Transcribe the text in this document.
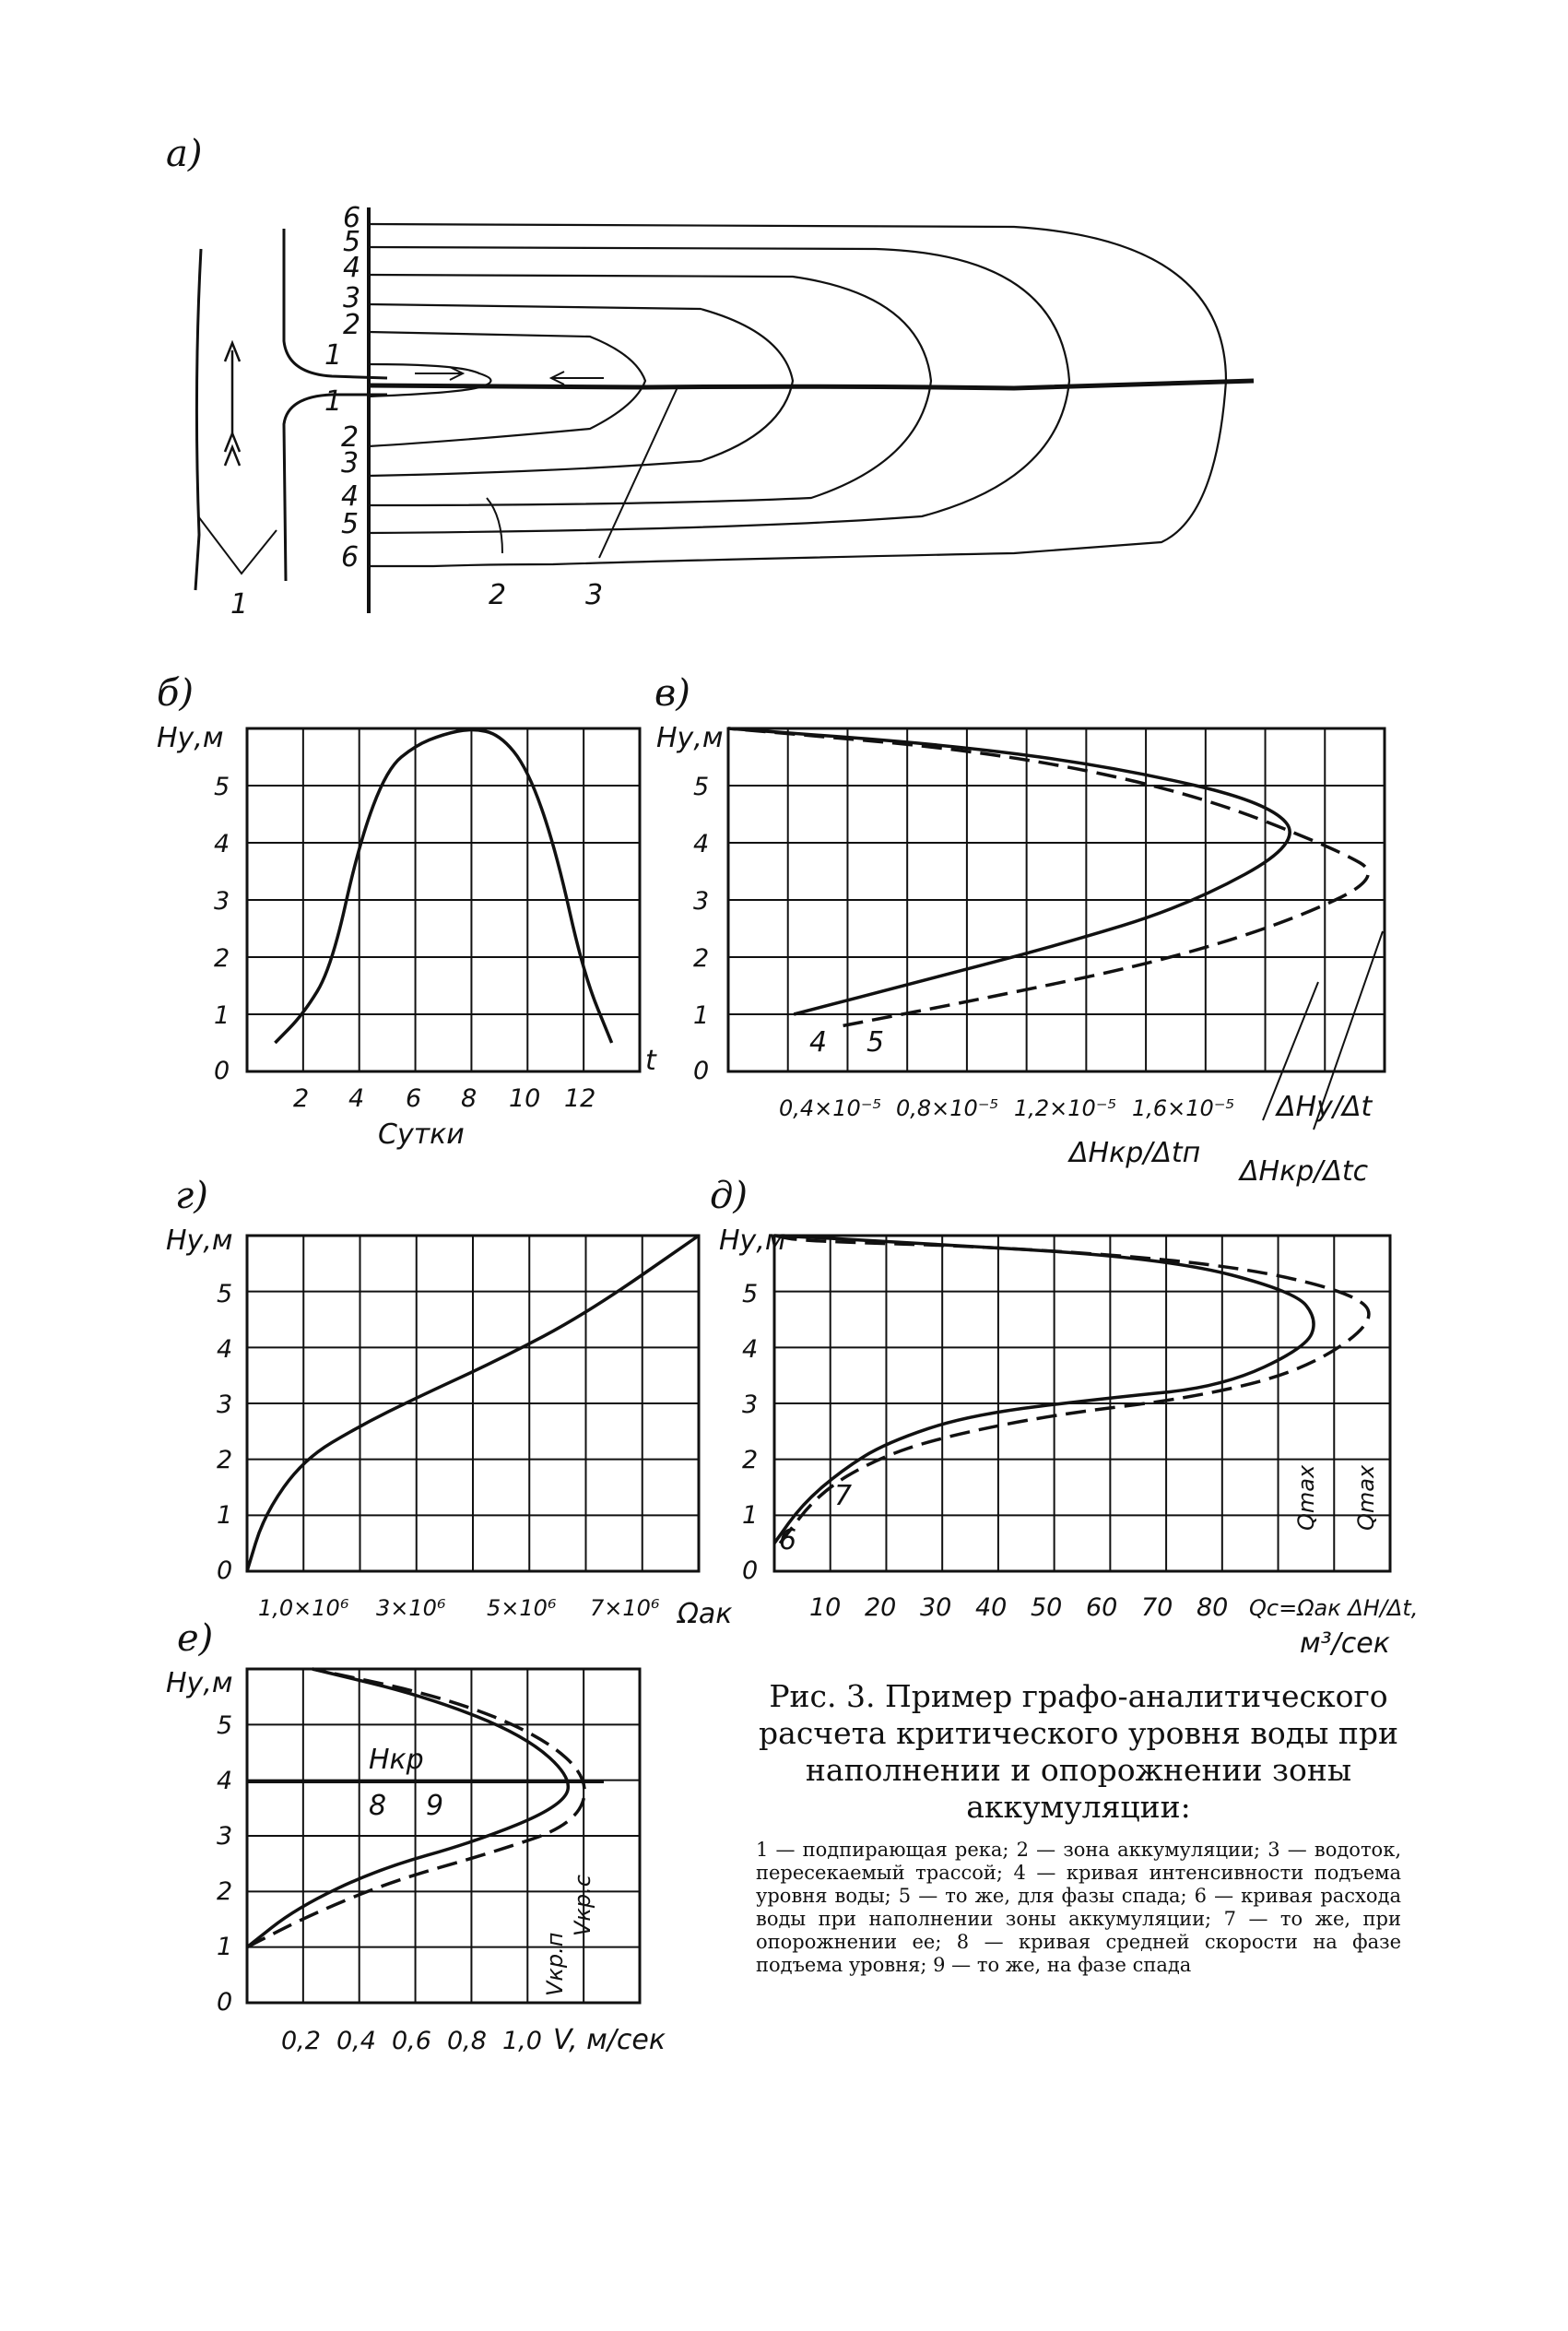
а)
6
5
4
3
2
1
1
2
3
4
5
6
1	2	3
б)
Hу,м
0
1
2
3
4
5
2 4 6 8 10 12
t
Сутки
в)
Hу,м
0
1
2
3
4
5
0,4×10⁻⁵ 0,8×10⁻⁵ 1,2×10⁻⁵ 1,6×10⁻⁵ ΔHу/Δt
4 5
ΔHкр/Δtп
ΔHкр/Δtс
г)
Hу,м
0
1
2
3
4
5
1,0×10⁶ 3×10⁶ 5×10⁶ 7×10⁶ Ωак
д)
Hу,м
0
1
2
3
4
5
10 20 30 40 50 60 70 80 Qс=Ωак ΔH/Δt,
м³/сек
6
7	Qmax Qmax
е)
Hу,м
0
1
2
3
4
5
0,2 0,4 0,6 0,8 1,0 V, м/сек
Hкр
8 9
Vкр.п
Vкр.с

Рис. 3. Пример графо-аналитического расчета критического уровня воды при наполнении и опорожнении зоны аккумуляции:

1 — подпирающая река; 2 — зона аккумуляции; 3 — водоток, пересекаемый трассой; 4 — кривая интенсивности подъема уровня воды; 5 — то же, для фазы спада; 6 — кривая расхода воды при наполнении зоны аккумуляции; 7 — то же, при опорожнении ее; 8 — кривая средней скорости на фазе подъема уровня; 9 — то же, на фазе спада
